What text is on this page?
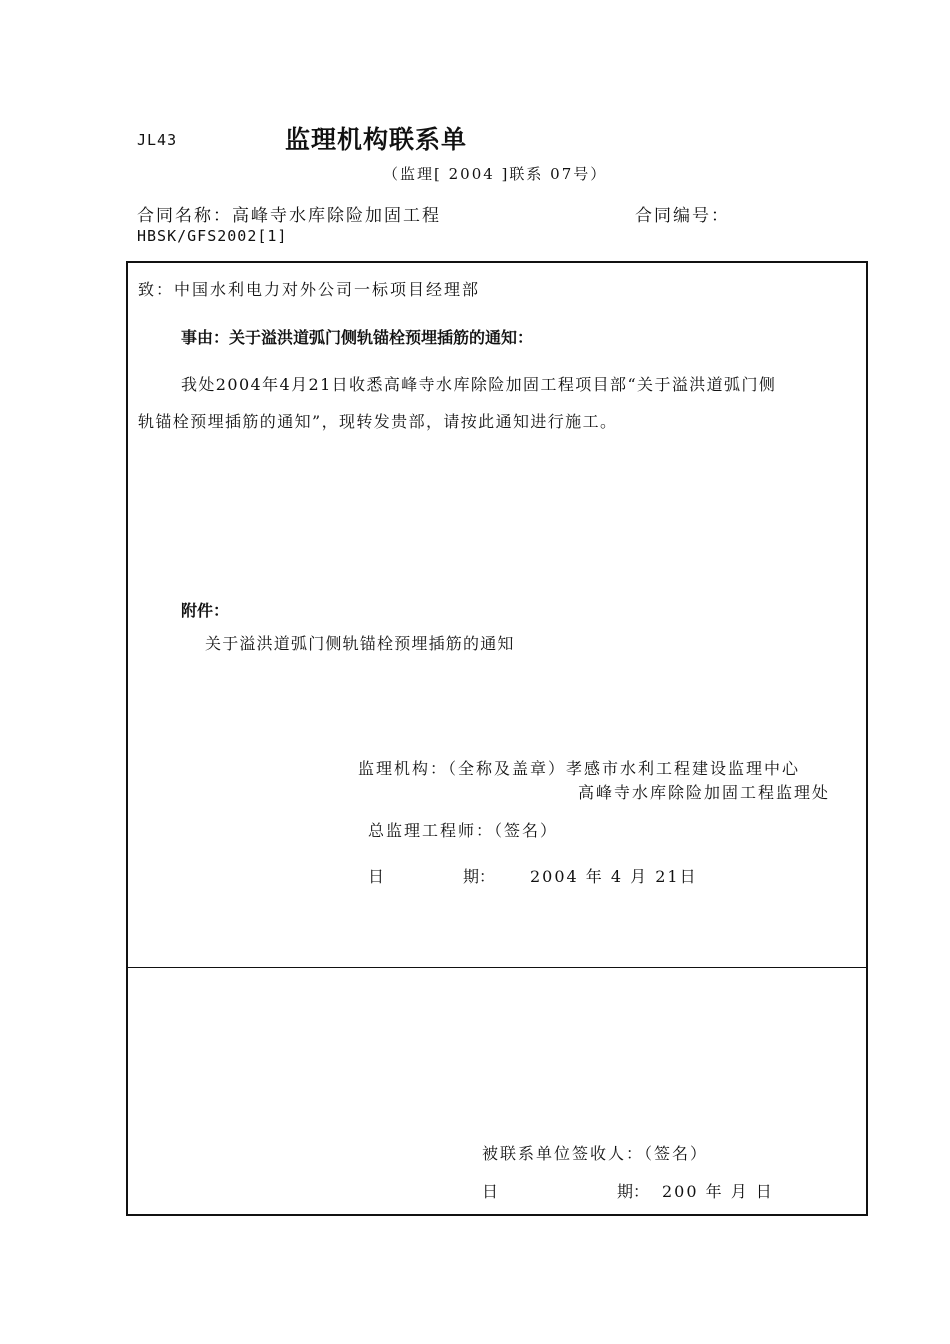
JL43	监理机构联系单
（监理[ 2004 ]联系 07号）
合同名称：高峰寺水库除险加固工程	合同编号：
HBSK/GFS2002[1]
致：中国水利电力对外公司一标项目经理部
事由：关于溢洪道弧门侧轨锚栓预埋插筋的通知：
我处2004年4月21日收悉高峰寺水库除险加固工程项目部“关于溢洪道弧门侧
轨锚栓预埋插筋的通知”，现转发贵部，请按此通知进行施工。
附件：
关于溢洪道弧门侧轨锚栓预埋插筋的通知
监理机构：（全称及盖章）孝感市水利工程建设监理中心
高峰寺水库除险加固工程监理处
总监理工程师：（签名）
日	期： 2004 年 4 月 21日
被联系单位签收人：（签名）
日	期： 200 年 月 日
